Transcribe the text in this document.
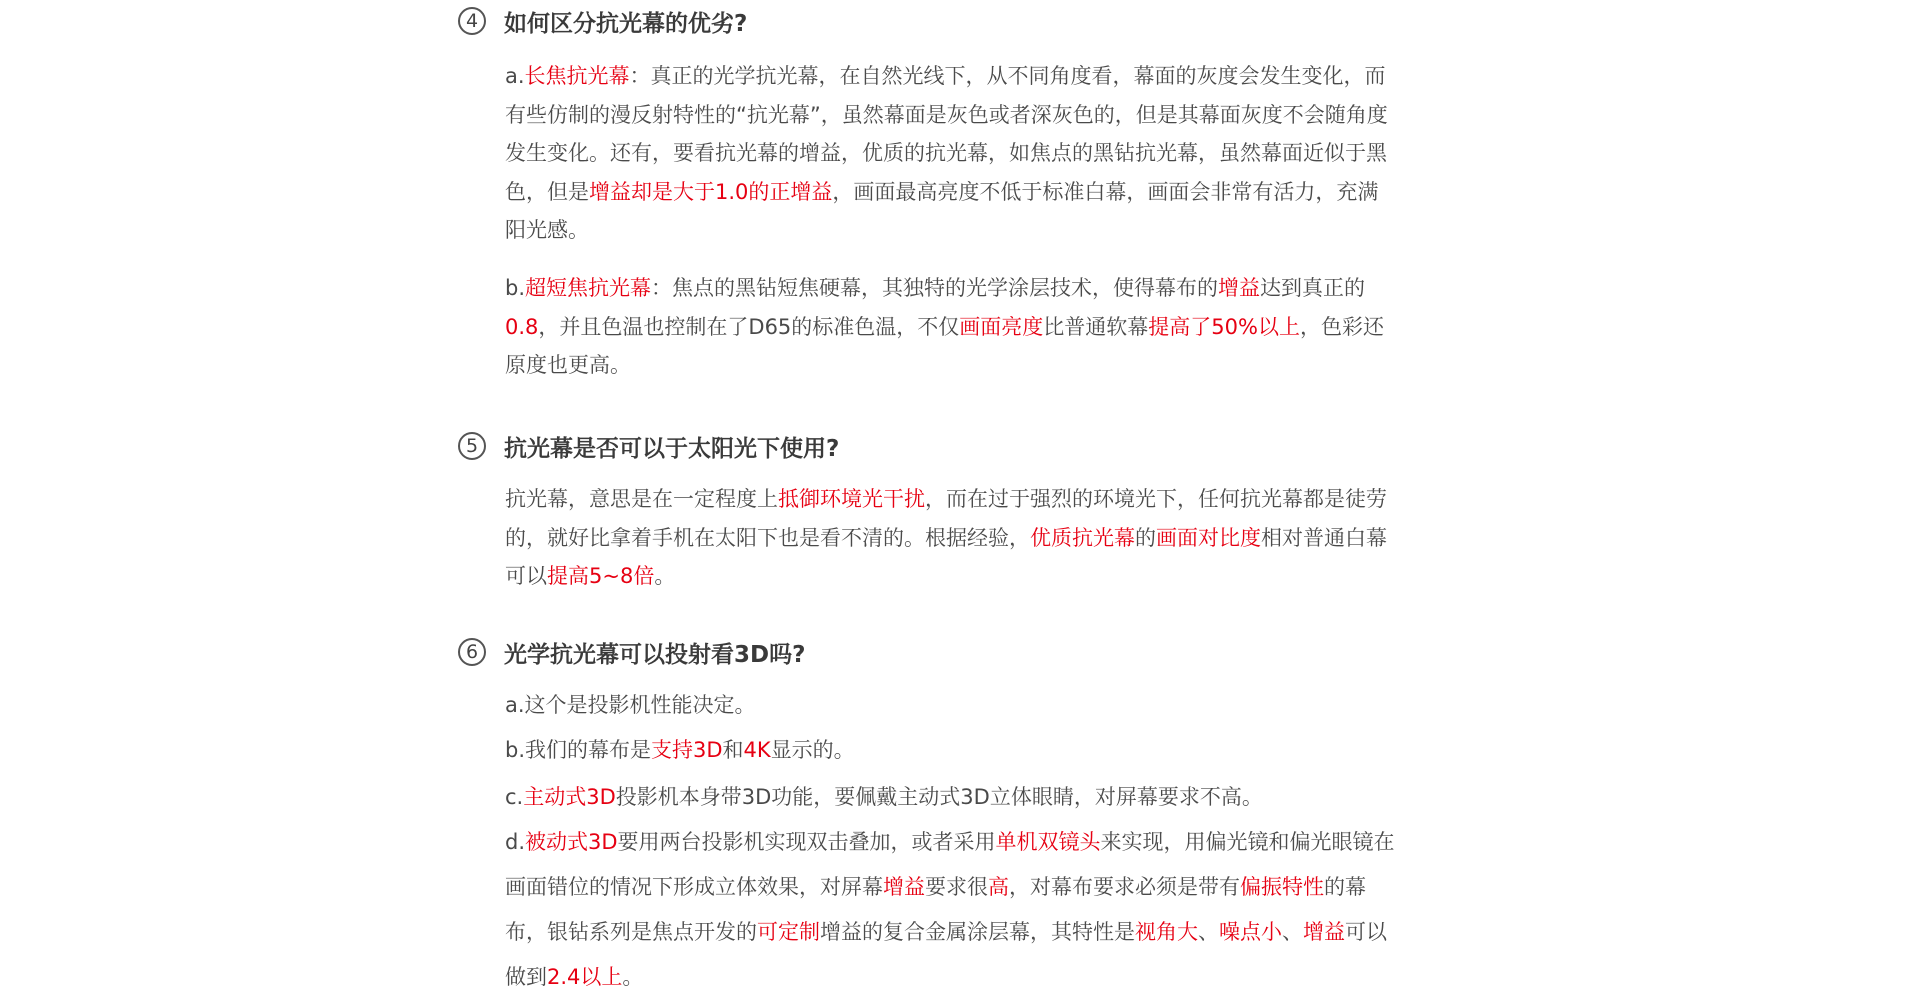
4	如何区分抗光幕的优劣?

a.长焦抗光幕：真正的光学抗光幕，在自然光线下，从不同角度看，幕面的灰度会发生变化，而有些仿制的漫反射特性的“抗光幕”，虽然幕面是灰色或者深灰色的，但是其幕面灰度不会随角度发生变化。还有，要看抗光幕的增益，优质的抗光幕，如焦点的黑钻抗光幕，虽然幕面近似于黑色，但是增益却是大于1.0的正增益，画面最高亮度不低于标准白幕，画面会非常有活力，充满阳光感。

b.超短焦抗光幕：焦点的黑钻短焦硬幕，其独特的光学涂层技术，使得幕布的增益达到真正的0.8，并且色温也控制在了D65的标准色温，不仅画面亮度比普通软幕提高了50%以上，色彩还原度也更高。

5	抗光幕是否可以于太阳光下使用?

抗光幕，意思是在一定程度上抵御环境光干扰，而在过于强烈的环境光下，任何抗光幕都是徒劳的，就好比拿着手机在太阳下也是看不清的。根据经验，优质抗光幕的画面对比度相对普通白幕可以提高5~8倍。

6	光学抗光幕可以投射看3D吗?

a.这个是投影机性能决定。

b.我们的幕布是支持3D和4K显示的。

c.主动式3D投影机本身带3D功能，要佩戴主动式3D立体眼睛，对屏幕要求不高。

d.被动式3D要用两台投影机实现双击叠加，或者采用单机双镜头来实现，用偏光镜和偏光眼镜在画面错位的情况下形成立体效果，对屏幕增益要求很高，对幕布要求必须是带有偏振特性的幕布，银钻系列是焦点开发的可定制增益的复合金属涂层幕，其特性是视角大、噪点小、增益可以做到2.4以上。
